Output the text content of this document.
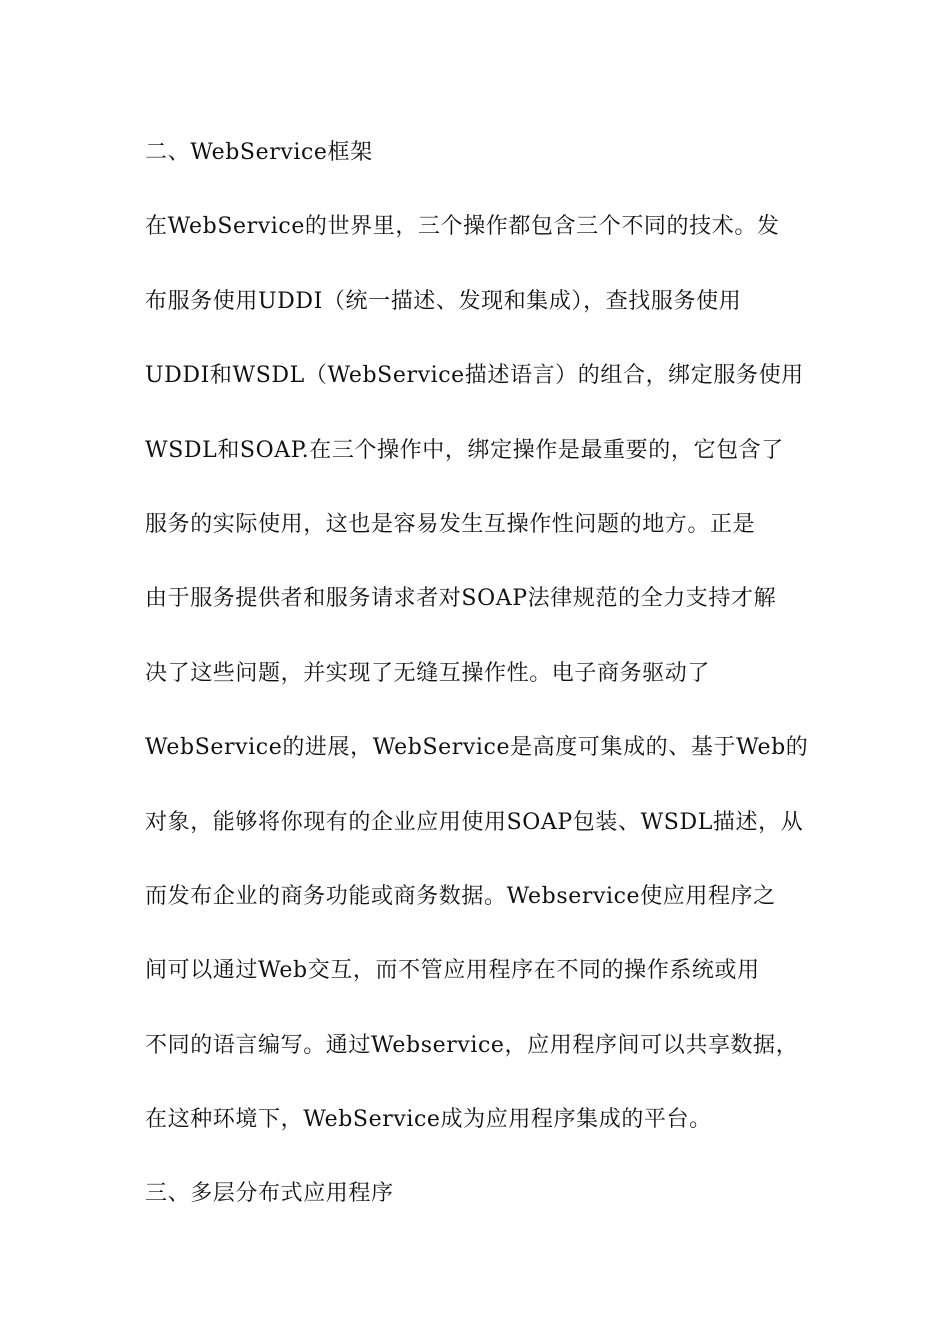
二、WebService框架
在WebService的世界里，三个操作都包含三个不同的技术。发
布服务使用UDDI（统一描述、发现和集成），查找服务使用
UDDI和WSDL（WebService描述语言）的组合，绑定服务使用
WSDL和SOAP.在三个操作中，绑定操作是最重要的，它包含了
服务的实际使用，这也是容易发生互操作性问题的地方。正是
由于服务提供者和服务请求者对SOAP法律规范的全力支持才解
决了这些问题，并实现了无缝互操作性。电子商务驱动了
WebService的进展，WebService是高度可集成的、基于Web的
对象，能够将你现有的企业应用使用SOAP包装、WSDL描述，从
而发布企业的商务功能或商务数据。Webservice使应用程序之
间可以通过Web交互，而不管应用程序在不同的操作系统或用
不同的语言编写。通过Webservice，应用程序间可以共享数据，
在这种环境下，WebService成为应用程序集成的平台。
三、多层分布式应用程序
